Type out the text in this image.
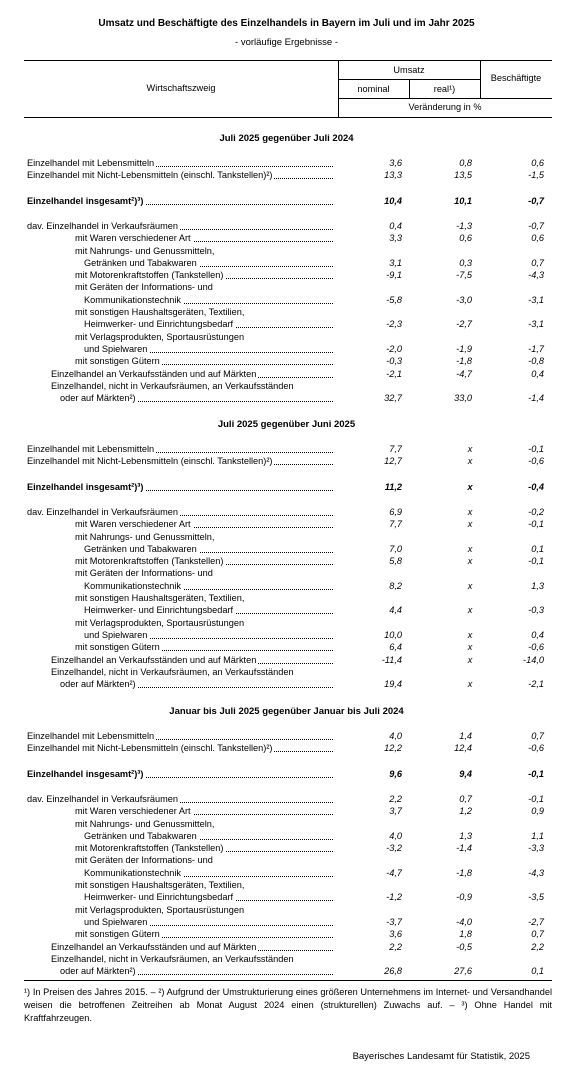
Umsatz und Beschäftigte des Einzelhandels in Bayern im Juli und im Jahr 2025
- vorläufige Ergebnisse -
Wirtschaftszweig
Umsatz
nominal	real¹)
Beschäftigte
Veränderung in %
Juli 2025 gegenüber Juli 2024
Einzelhandel mit Lebensmitteln	3,6	0,8	0,6
Einzelhandel mit Nicht-Lebensmitteln (einschl. Tankstellen)²)	13,3	13,5	-1,5
Einzelhandel insgesamt²)³)	10,4	10,1	-0,7
dav. Einzelhandel in Verkaufsräumen	0,4	-1,3	-0,7
mit Waren verschiedener Art	3,3	0,6	0,6
mit Nahrungs- und Genussmitteln,
Getränken und Tabakwaren	3,1	0,3	0,7
mit Motorenkraftstoffen (Tankstellen)	-9,1	-7,5	-4,3
mit Geräten der Informations- und
Kommunikationstechnik	-5,8	-3,0	-3,1
mit sonstigen Haushaltsgeräten, Textilien,
Heimwerker- und Einrichtungsbedarf	-2,3	-2,7	-3,1
mit Verlagsprodukten, Sportausrüstungen
und Spielwaren	-2,0	-1,9	-1,7
mit sonstigen Gütern	-0,3	-1,8	-0,8
Einzelhandel an Verkaufsständen und auf Märkten	-2,1	-4,7	0,4
Einzelhandel, nicht in Verkaufsräumen, an Verkaufsständen
oder auf Märkten²)	32,7	33,0	-1,4
Juli 2025 gegenüber Juni 2025
Einzelhandel mit Lebensmitteln	7,7	x	-0,1
Einzelhandel mit Nicht-Lebensmitteln (einschl. Tankstellen)²)	12,7	x	-0,6
Einzelhandel insgesamt²)³)	11,2	x	-0,4
dav. Einzelhandel in Verkaufsräumen	6,9	x	-0,2
mit Waren verschiedener Art	7,7	x	-0,1
mit Nahrungs- und Genussmitteln,
Getränken und Tabakwaren	7,0	x	0,1
mit Motorenkraftstoffen (Tankstellen)	5,8	x	-0,1
mit Geräten der Informations- und
Kommunikationstechnik	8,2	x	1,3
mit sonstigen Haushaltsgeräten, Textilien,
Heimwerker- und Einrichtungsbedarf	4,4	x	-0,3
mit Verlagsprodukten, Sportausrüstungen
und Spielwaren	10,0	x	0,4
mit sonstigen Gütern	6,4	x	-0,6
Einzelhandel an Verkaufsständen und auf Märkten	-11,4	x	-14,0
Einzelhandel, nicht in Verkaufsräumen, an Verkaufsständen
oder auf Märkten²)	19,4	x	-2,1
Januar bis Juli 2025 gegenüber Januar bis Juli 2024
Einzelhandel mit Lebensmitteln	4,0	1,4	0,7
Einzelhandel mit Nicht-Lebensmitteln (einschl. Tankstellen)²)	12,2	12,4	-0,6
Einzelhandel insgesamt²)³)	9,6	9,4	-0,1
dav. Einzelhandel in Verkaufsräumen	2,2	0,7	-0,1
mit Waren verschiedener Art	3,7	1,2	0,9
mit Nahrungs- und Genussmitteln,
Getränken und Tabakwaren	4,0	1,3	1,1
mit Motorenkraftstoffen (Tankstellen)	-3,2	-1,4	-3,3
mit Geräten der Informations- und
Kommunikationstechnik	-4,7	-1,8	-4,3
mit sonstigen Haushaltsgeräten, Textilien,
Heimwerker- und Einrichtungsbedarf	-1,2	-0,9	-3,5
mit Verlagsprodukten, Sportausrüstungen
und Spielwaren	-3,7	-4,0	-2,7
mit sonstigen Gütern	3,6	1,8	0,7
Einzelhandel an Verkaufsständen und auf Märkten	2,2	-0,5	2,2
Einzelhandel, nicht in Verkaufsräumen, an Verkaufsständen
oder auf Märkten²)	26,8	27,6	0,1
¹) In Preisen des Jahres 2015. – ²) Aufgrund der Umstrukturierung eines größeren Unternehmens im Internet- und Versandhandel weisen die betroffenen Zeitreihen ab Monat August 2024 einen (strukturellen) Zuwachs auf. – ³) Ohne Handel mit Kraftfahrzeugen.
Bayerisches Landesamt für Statistik, 2025
